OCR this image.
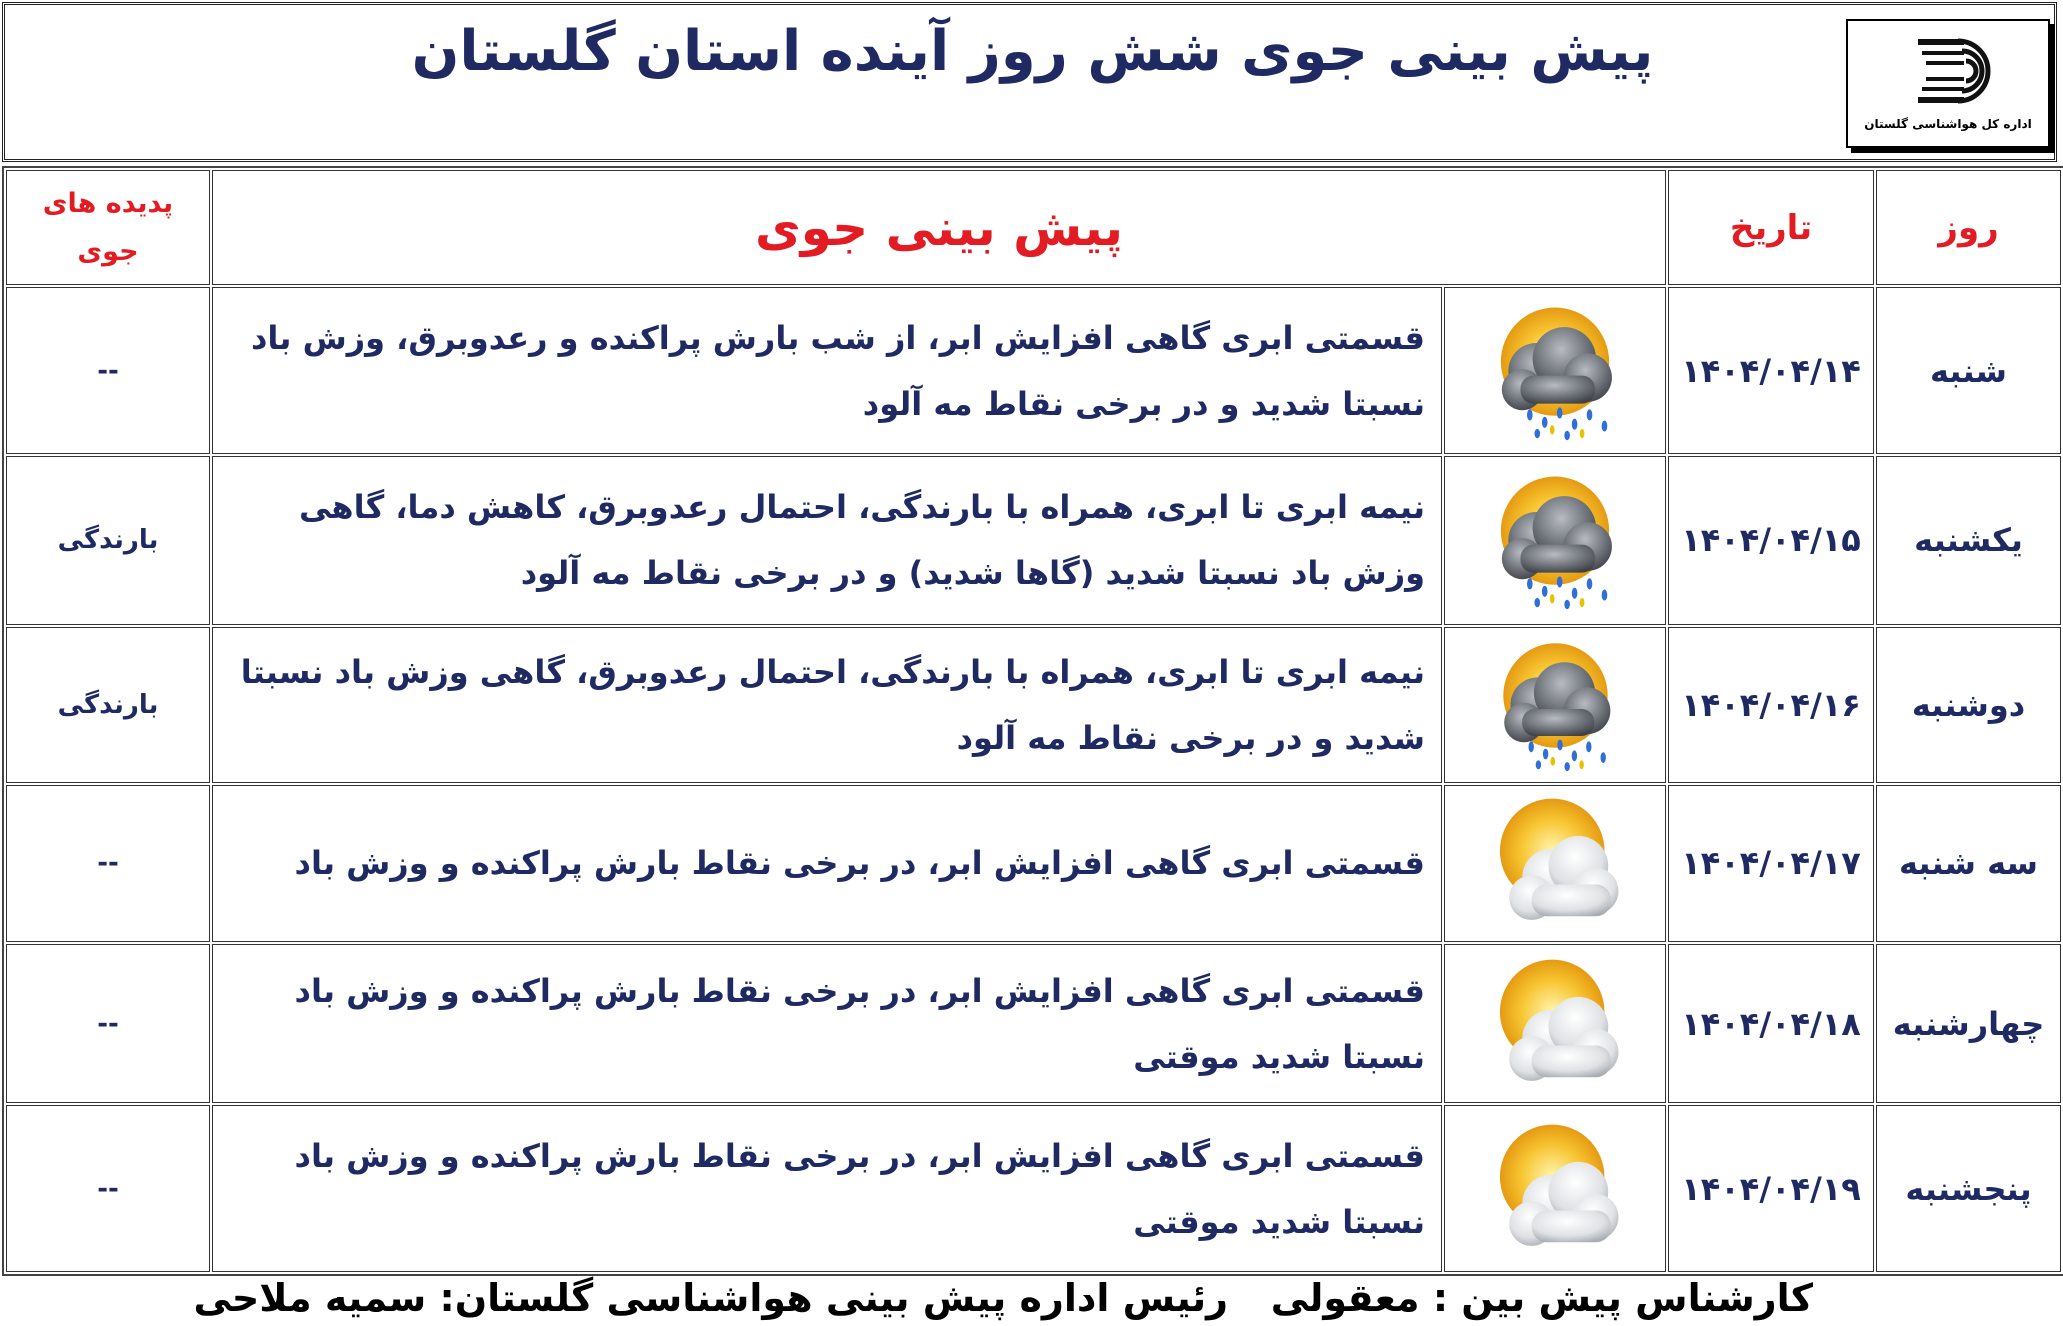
پیش بینی جوی شش روز آینده استان گلستان
اداره کل هواشناسی گلستان
پدیده های
جوی	پیش بینی جوی		تاریخ	روز
--	قسمتی ابری گاهی افزایش ابر، از شب بارش پراکنده و رعدوبرق، وزش باد نسبتا شدید و در برخی نقاط مه آلود		۱۴۰۴/۰۴/۱۴	شنبه
بارندگی	نیمه ابری تا ابری، همراه با بارندگی، احتمال رعدوبرق، کاهش دما، گاهی وزش باد نسبتا شدید (گاها شدید) و در برخی نقاط مه آلود		۱۴۰۴/۰۴/۱۵	یکشنبه
بارندگی	نیمه ابری تا ابری، همراه با بارندگی، احتمال رعدوبرق، گاهی وزش باد نسبتا شدید و در برخی نقاط مه آلود		۱۴۰۴/۰۴/۱۶	دوشنبه
--	قسمتی ابری گاهی افزایش ابر، در برخی نقاط بارش پراکنده و وزش باد		۱۴۰۴/۰۴/۱۷	سه شنبه
--	قسمتی ابری گاهی افزایش ابر، در برخی نقاط بارش پراکنده و وزش باد نسبتا شدید موقتی		۱۴۰۴/۰۴/۱۸	چهارشنبه
--	قسمتی ابری گاهی افزایش ابر، در برخی نقاط بارش پراکنده و وزش باد نسبتا شدید موقتی		۱۴۰۴/۰۴/۱۹	پنجشنبه
کارشناس پیش بین : معقولی
رئیس اداره پیش بینی هواشناسی گلستان: سمیه ملاحی
